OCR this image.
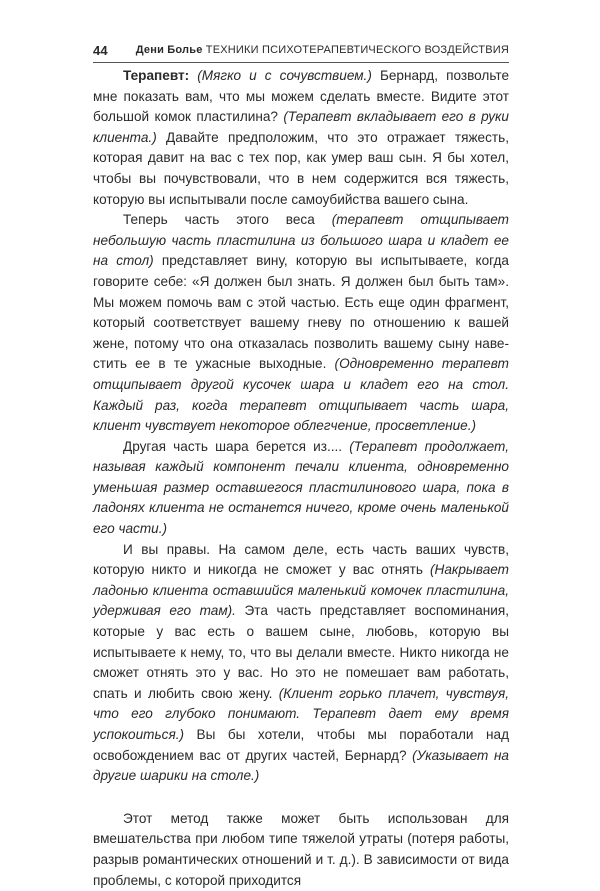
44	Дени Болье ТЕХНИКИ ПСИХОТЕРАПЕВТИЧЕСКОГО ВОЗДЕЙСТВИЯ

Терапевт: (Мягко и с сочувствием.) Бернард, позвольте мне показать вам, что мы можем сделать вместе. Видите этот большой комок пластилина? (Терапевт вкладывает его в руки клиента.) Давайте предположим, что это отражает тяжесть, которая давит на вас с тех пор, как умер ваш сын. Я бы хотел, чтобы вы почувствовали, что в нем содержится вся тяжесть, которую вы испытывали после самоубийства вашего сына.

Теперь часть этого веса (терапевт отщипывает небольшую часть пластилина из большого шара и кладет ее на стол) представляет вину, которую вы испытываете, когда говорите себе: «Я должен был знать. Я должен был быть там». Мы можем помочь вам с этой частью. Есть еще один фрагмент, который соответствует вашему гневу по отношению к вашей жене, потому что она отказалась позволить вашему сыну навестить ее в те ужасные выходные. (Одновременно терапевт отщипывает другой кусочек шара и кладет его на стол. Каждый раз, когда терапевт отщипывает часть шара, клиент чувствует некоторое облегчение, просветление.)

Другая часть шара берется из.... (Терапевт продолжает, называя каждый компонент печали клиента, одновременно уменьшая размер оставшегося пластилинового шара, пока в ладонях клиента не останется ничего, кроме очень маленькой его части.)

И вы правы. На самом деле, есть часть ваших чувств, которую никто и никогда не сможет у вас отнять (Накрывает ладонью клиента оставшийся маленький комочек пластилина, удерживая его там). Эта часть представляет воспоминания, которые у вас есть о вашем сыне, любовь, которую вы испытываете к нему, то, что вы делали вместе. Никто никогда не сможет отнять это у вас. Но это не помешает вам работать, спать и любить свою жену. (Клиент горько плачет, чувствуя, что его глубоко понимают. Терапевт дает ему время успокоиться.) Вы бы хотели, чтобы мы поработали над освобождением вас от других частей, Бернард? (Указывает на другие шарики на столе.)

Этот метод также может быть использован для вмешательства при любом типе тяжелой утраты (потеря работы, разрыв романтических отношений и т. д.). В зависимости от вида проблемы, с которой приходится
